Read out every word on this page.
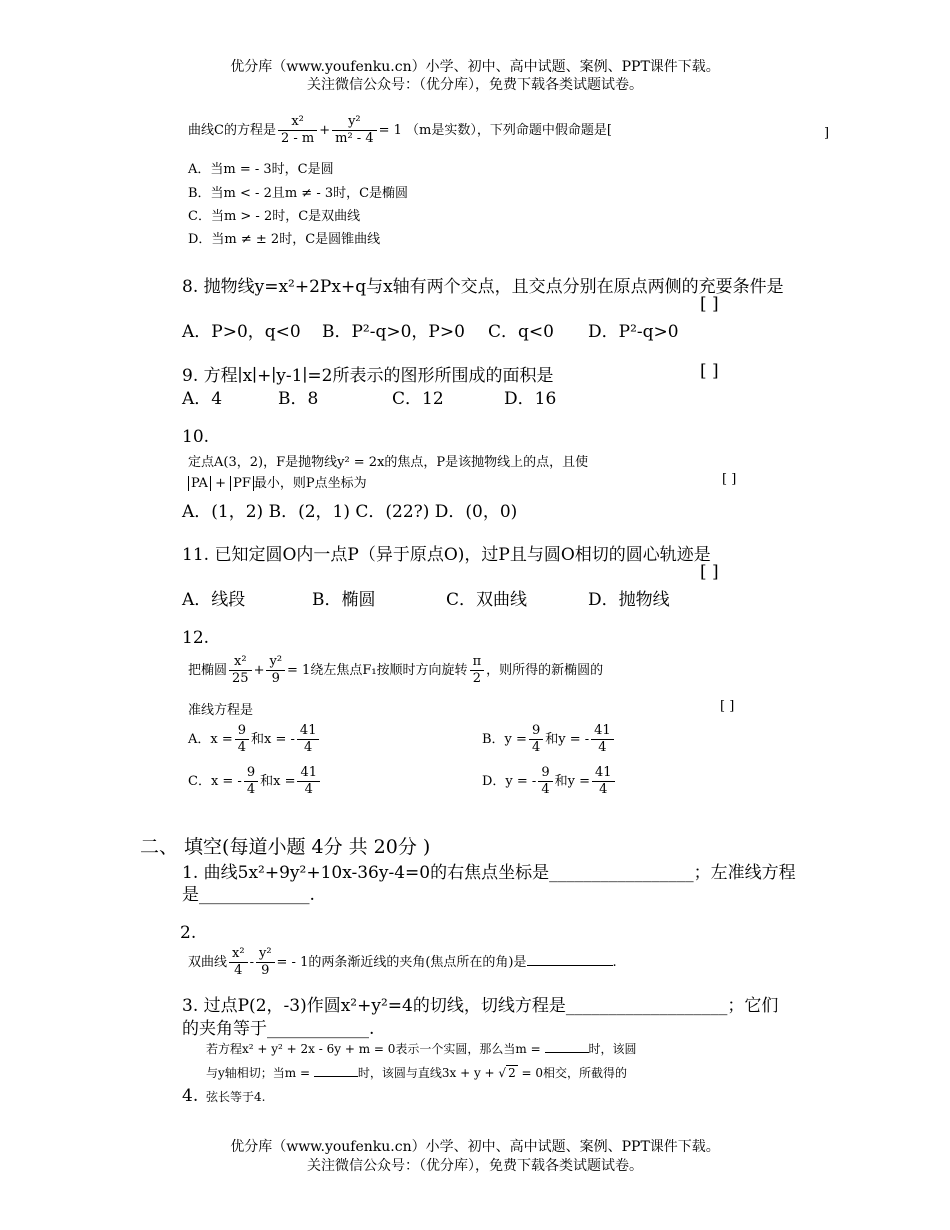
优分库（www.youfenku.cn）小学、初中、高中试题、案例、PPT课件下载。
关注微信公众号：（优分库），免费下载各类试题试卷。
曲线C的方程是 $\frac{\text{x²}}{2 - m} + \frac{\text{y²}}{\text{m² - 4}} = 1$ （m是实数），下列命题中假命题是[	]
A．当m = - 3时，C是圆
B．当m < - 2且m ≠ - 3时，C是椭圆
C．当m > - 2时，C是双曲线
D．当m ≠ ± 2时，C是圆锥曲线
8. 抛物线y=x²+2Px+q与x轴有两个交点，且交点分别在原点两侧的充要条件是
[ ]
A．P>0，q<0 B．P²-q>0，P>0 C．q<0 D．P²-q>0
9. 方程∣x∣+∣y-1∣=2所表示的图形所围成的面积是	[ ]
A．4	B．8	C．12	D．16
10.
定点A(3，2)，F是抛物线y² = 2x的焦点，P是该抛物线上的点，且使
PA + PF 最小，则P点坐标为	[ ]
A．(1，2) B．(2，1) C．(22?) D．(0，0)
11. 已知定圆O内一点P（异于原点O)，过P且与圆O相切的圆心轨迹是
[ ]
A．线段	B．椭圆	C．双曲线	D．抛物线
12.
把椭圆 $\frac{\text{x²}}{25} + \frac{\text{y²}}{9} = 1$绕左焦点F₁按顺时方向旋转 $\frac{\pi}{2}$ ，则所得的新椭圆的
准线方程是	[ ]
A．$x = \frac{9}{4}$ 和x = - $\frac{41}{4}$	B．$y = \frac{9}{4}$ 和y = - $\frac{41}{4}$
C．x = - $\frac{9}{4}$ 和$x = \frac{41}{4}$	D．y = - $\frac{9}{4}$ 和$y = \frac{41}{4}$
二、 填空(每道小题 4分 共 20分 )
1. 曲线5x²+9y²+10x-36y-4=0的右焦点坐标是_________________；左准线方程
是_____________.
2.
双曲线 $\frac{\text{x²}}{4} - \frac{\text{y²}}{9}$ = - 1的两条渐近线的夹角(焦点所在的角)是	.
3. 过点P(2，-3)作圆x²+y²=4的切线，切线方程是___________________；它们
的夹角等于____________.
若方程x² + y² + 2x - 6y + m = 0表示一个实圆，那么当m =	时，该圆
与y轴相切；当m =	时，该圆与直线3x + y + √ 2 = 0相交，所截得的
4. 弦长等于4.
优分库（www.youfenku.cn）小学、初中、高中试题、案例、PPT课件下载。
关注微信公众号：（优分库），免费下载各类试题试卷。
